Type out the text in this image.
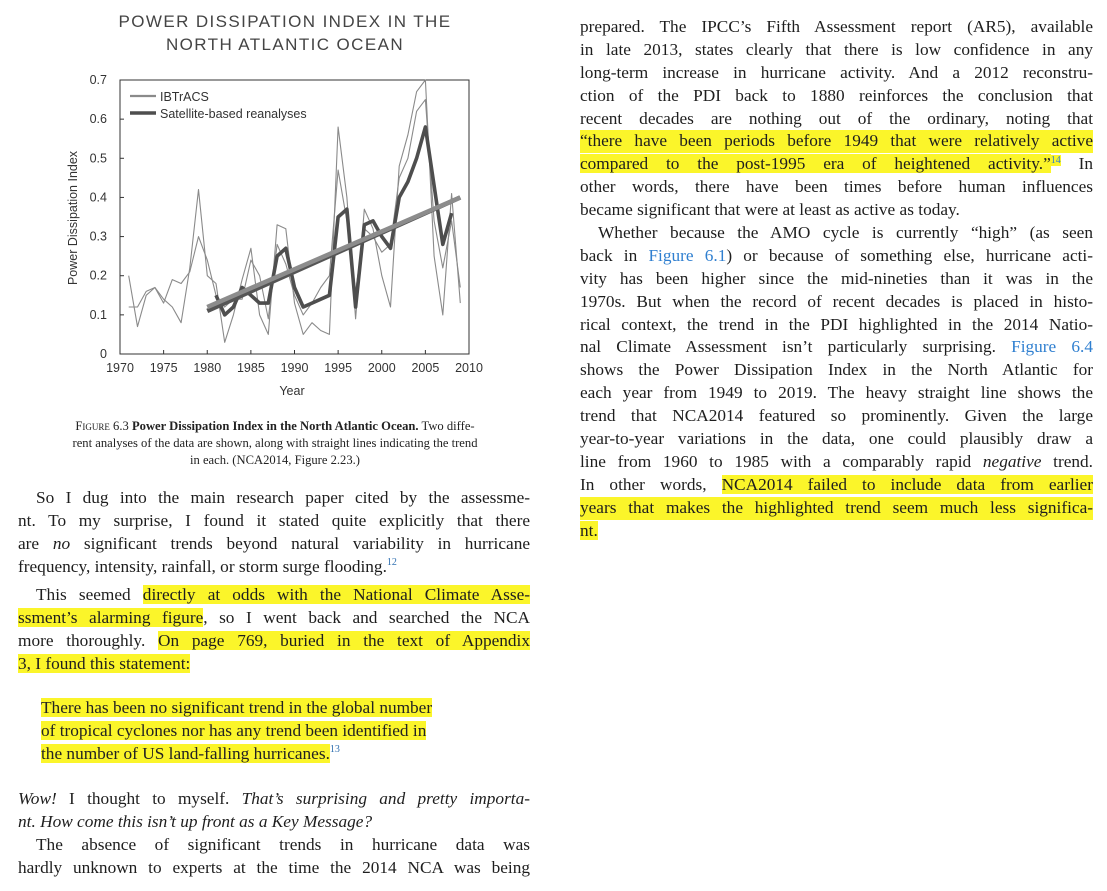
POWER DISSIPATION INDEX IN THE
NORTH ATLANTIC OCEAN
1970 1975 1980 1985 1990 1995 2000 2005 2010
0
0.1
0.2
0.3
0.4
0.5
0.6
0.7
IBTrACS
Satellite-based reanalyses
Year
Power Dissipation Index
Figure 6.3 Power Dissipation Index in the North Atlantic Ocean. Two diffe-
rent analyses of the data are shown, along with straight lines indicating the trend
in each. (NCA2014, Figure 2.23.)
So I dug into the main research paper cited by the assessme-
nt. To my surprise, I found it stated quite explicitly that there
are no significant trends beyond natural variability in hurricane
frequency, intensity, rainfall, or storm surge flooding.$^{12}$
This seemed directly at odds with the National Climate Asse-
ssment’s alarming figure, so I went back and searched the NCA
more thoroughly. On page 769, buried in the text of Appendix
3, I found this statement:
There has been no significant trend in the global number
of tropical cyclones nor has any trend been identified in
the number of US land-falling hurricanes.$^{13}$
Wow! I thought to myself. That’s surprising and pretty importa-
nt. How come this isn’t up front as a Key Message?
The absence of significant trends in hurricane data was
hardly unknown to experts at the time the 2014 NCA was being
prepared. The IPCC’s Fifth Assessment report (AR5), available
in late 2013, states clearly that there is low confidence in any
long-term increase in hurricane activity. And a 2012 reconstru-
ction of the PDI back to 1880 reinforces the conclusion that
recent decades are nothing out of the ordinary, noting that
“there have been periods before 1949 that were relatively active
compared to the post-1995 era of heightened activity.”$^{14}$ In
other words, there have been times before human influences
became significant that were at least as active as today.
Whether because the AMO cycle is currently “high” (as seen
back in Figure 6.1) or because of something else, hurricane acti-
vity has been higher since the mid-nineties than it was in the
1970s. But when the record of recent decades is placed in histo-
rical context, the trend in the PDI highlighted in the 2014 Natio-
nal Climate Assessment isn’t particularly surprising. Figure 6.4
shows the Power Dissipation Index in the North Atlantic for
each year from 1949 to 2019. The heavy straight line shows the
trend that NCA2014 featured so prominently. Given the large
year-to-year variations in the data, one could plausibly draw a
line from 1960 to 1985 with a comparably rapid negative trend.
In other words, NCA2014 failed to include data from earlier
years that makes the highlighted trend seem much less significa-
nt.
